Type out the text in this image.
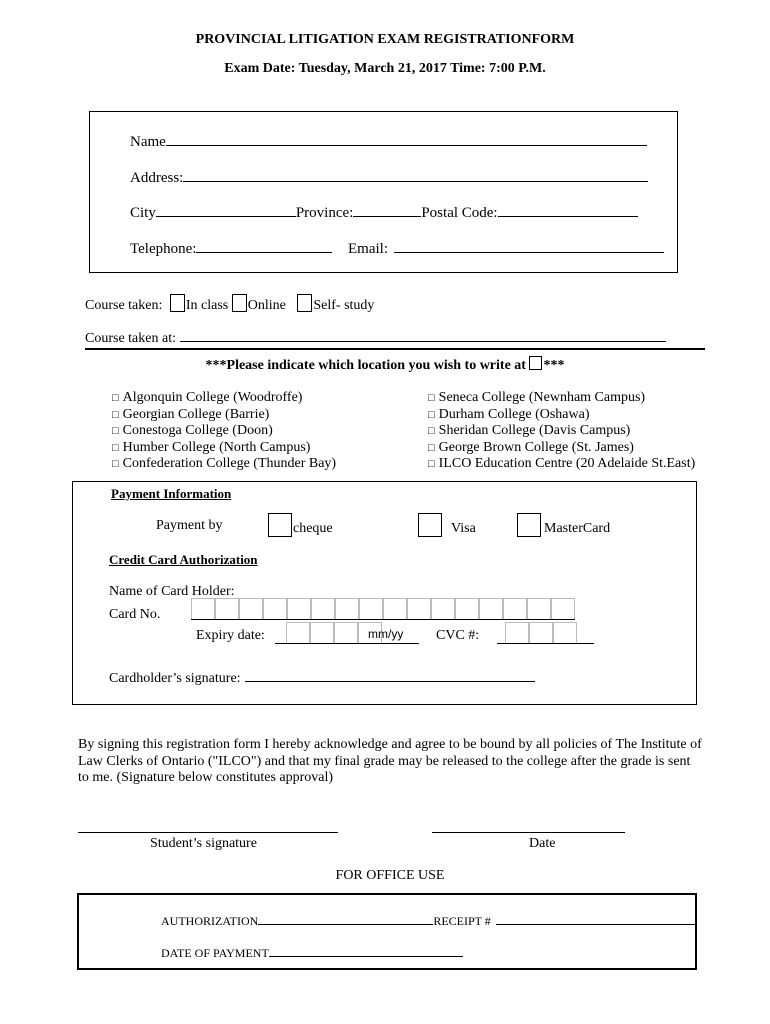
PROVINCIAL LITIGATION EXAM REGISTRATIONFORM
Exam Date: Tuesday, March 21, 2017 Time: 7:00 P.M.
Name
Address:
City	Province:	Postal Code:
Telephone:	Email:
Course taken: In class Online Self- study
Course taken at:
***Please indicate which location you wish to write at ***
□ Algonquin College (Woodroffe)
□ Georgian College (Barrie)
□ Conestoga College (Doon)
□ Humber College (North Campus)
□ Confederation College (Thunder Bay)
□ Seneca College (Newnham Campus)
□ Durham College (Oshawa)
□ Sheridan College (Davis Campus)
□ George Brown College (St. James)
□ ILCO Education Centre (20 Adelaide St.East)
Payment Information
Payment by	cheque	Visa	MasterCard
Credit Card Authorization
Name of Card Holder:
Card No.
Expiry date:	mm/yy CVC #:
Cardholder’s signature:
By signing this registration form I hereby acknowledge and agree to be bound by all policies of The Institute of Law Clerks of Ontario ("ILCO") and that my final grade may be released to the college after the grade is sent to me. (Signature below constitutes approval)
Student’s signature	Date
FOR OFFICE USE
AUTHORIZATION	RECEIPT #
DATE OF PAYMENT
